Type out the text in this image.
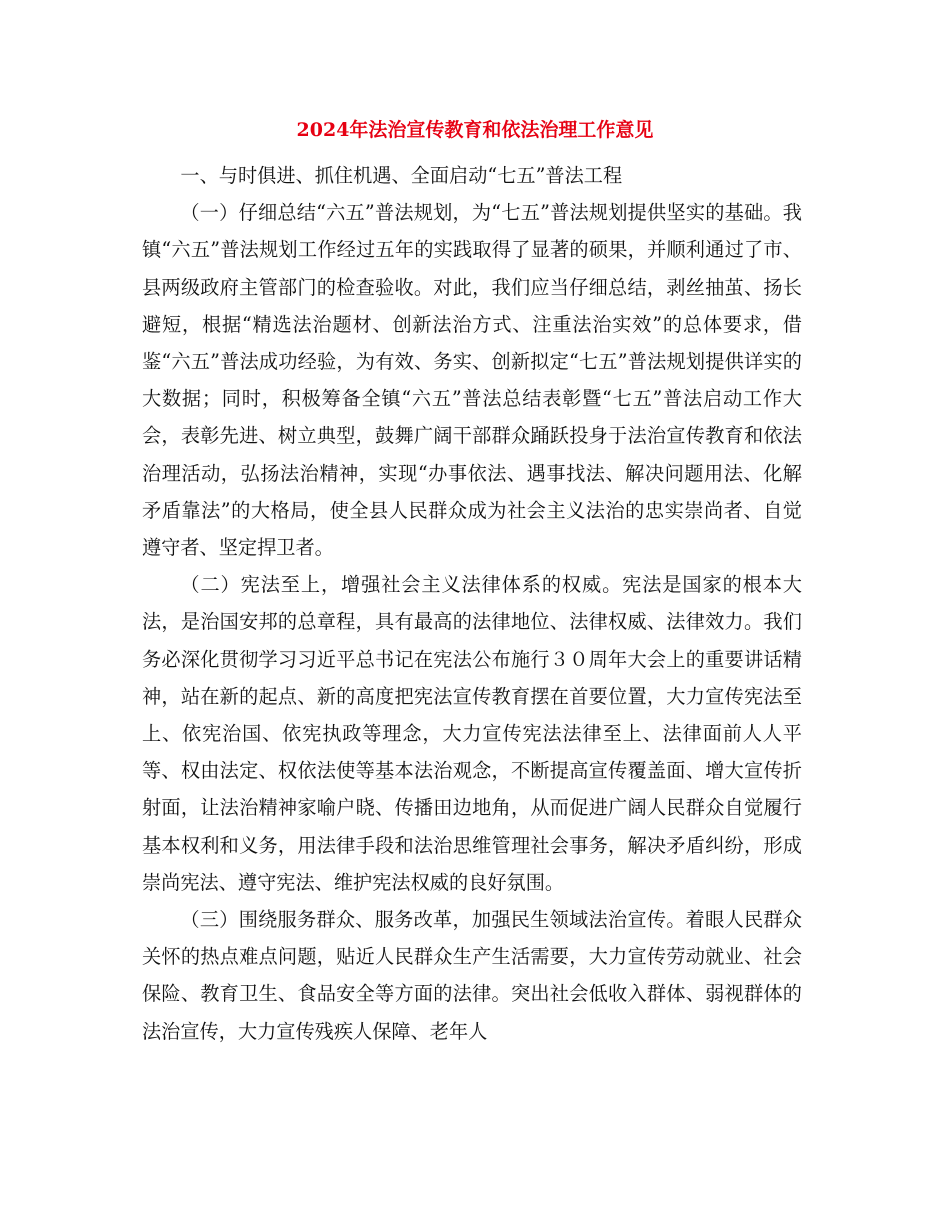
2024年法治宣传教育和依法治理工作意见

一、与时俱进、抓住机遇、全面启动“七五”普法工程

（一）仔细总结“六五”普法规划，为“七五”普法规划提供坚实的基础。我镇“六五”普法规划工作经过五年的实践取得了显著的硕果，并顺利通过了市、县两级政府主管部门的检查验收。对此，我们应当仔细总结，剥丝抽茧、扬长避短，根据“精选法治题材、创新法治方式、注重法治实效”的总体要求，借鉴“六五”普法成功经验，为有效、务实、创新拟定“七五”普法规划提供详实的大数据；同时，积极筹备全镇“六五”普法总结表彰暨“七五”普法启动工作大会，表彰先进、树立典型，鼓舞广阔干部群众踊跃投身于法治宣传教育和依法治理活动，弘扬法治精神，实现“办事依法、遇事找法、解决问题用法、化解矛盾靠法”的大格局，使全县人民群众成为社会主义法治的忠实崇尚者、自觉遵守者、坚定捍卫者。

（二）宪法至上，增强社会主义法律体系的权威。宪法是国家的根本大法，是治国安邦的总章程，具有最高的法律地位、法律权威、法律效力。我们务必深化贯彻学习习近平总书记在宪法公布施行３０周年大会上的重要讲话精神，站在新的起点、新的高度把宪法宣传教育摆在首要位置，大力宣传宪法至上、依宪治国、依宪执政等理念，大力宣传宪法法律至上、法律面前人人平等、权由法定、权依法使等基本法治观念，不断提高宣传覆盖面、增大宣传折射面，让法治精神家喻户晓、传播田边地角，从而促进广阔人民群众自觉履行基本权利和义务，用法律手段和法治思维管理社会事务，解决矛盾纠纷，形成崇尚宪法、遵守宪法、维护宪法权威的良好氛围。

（三）围绕服务群众、服务改革，加强民生领域法治宣传。着眼人民群众关怀的热点难点问题，贴近人民群众生产生活需要，大力宣传劳动就业、社会保险、教育卫生、食品安全等方面的法律。突出社会低收入群体、弱视群体的法治宣传，大力宣传残疾人保障、老年人
